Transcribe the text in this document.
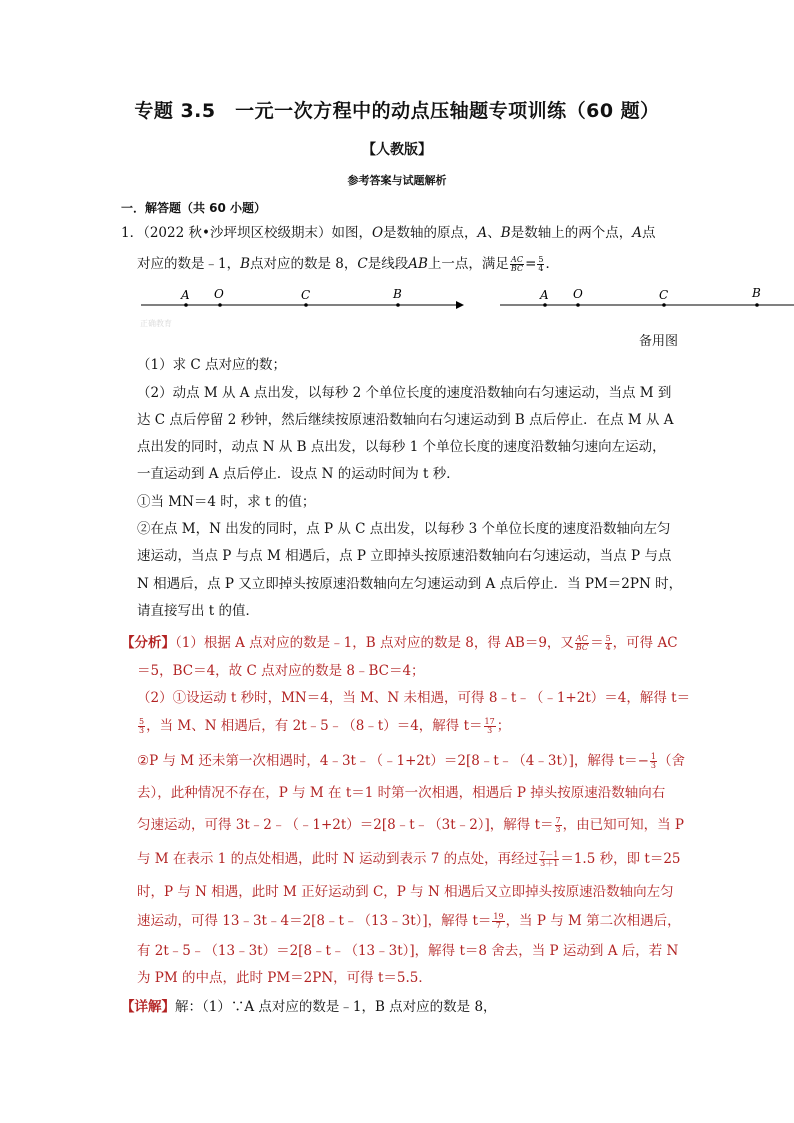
专题 3.5　一元一次方程中的动点压轴题专项训练（60 题）
【人教版】
参考答案与试题解析
一．解答题（共 60 小题）
1．（2022 秋•沙坪坝区校级期末）如图，O是数轴的原点，A、B是数轴上的两个点，A点
对应的数是﹣1，B点对应的数是 8，C是线段AB上一点，满足 $\frac{AC}{BC} = \frac{5}{4}$ ．
A O	C	B	A O	C	B
正确教育
备用图
（1）求 C 点对应的数；
（2）动点 M 从 A 点出发，以每秒 2 个单位长度的速度沿数轴向右匀速运动，当点 M 到
达 C 点后停留 2 秒钟，然后继续按原速沿数轴向右匀速运动到 B 点后停止．在点 M 从 A
点出发的同时，动点 N 从 B 点出发，以每秒 1 个单位长度的速度沿数轴匀速向左运动，
一直运动到 A 点后停止．设点 N 的运动时间为 t 秒．
①当 MN＝4 时，求 t 的值；
②在点 M，N 出发的同时，点 P 从 C 点出发，以每秒 3 个单位长度的速度沿数轴向左匀
速运动，当点 P 与点 M 相遇后，点 P 立即掉头按原速沿数轴向右匀速运动，当点 P 与点
N 相遇后，点 P 又立即掉头按原速沿数轴向左匀速运动到 A 点后停止．当 PM＝2PN 时，
请直接写出 t 的值．
【分析】（1）根据 A 点对应的数是﹣1，B 点对应的数是 8，得 AB＝9，又 $\frac{AC}{BC} = \frac{5}{4}$ ，可得 AC
＝5，BC＝4，故 C 点对应的数是 8﹣BC＝4；
（2）①设运动 t 秒时，MN＝4，当 M、N 未相遇，可得 8﹣t﹣（﹣1+2t）＝4，解得 t＝
$\frac{5}{3}$ ，当 M、N 相遇后，有 2t﹣5﹣（8﹣t）＝4，解得 $t= \frac{17}{3}$ ；
②P 与 M 还未第一次相遇时，4﹣3t﹣（﹣1+2t）＝2[8﹣t﹣（4﹣3t）]，解得 $t=- \frac{1}{3}$ （舍
去），此种情况不存在，P 与 M 在 t＝1 时第一次相遇，相遇后 P 掉头按原速沿数轴向右
匀速运动，可得 3t﹣2﹣（﹣1+2t）＝2[8﹣t﹣（3t﹣2）]，解得 $t= \frac{7}{3}$ ，由已知可知，当 P
与 M 在表示 1 的点处相遇，此时 N 运动到表示 7 的点处，再经过 $\frac{7-1}{3+1} =1.5$ 秒，即 t＝25
时，P 与 N 相遇，此时 M 正好运动到 C，P 与 N 相遇后又立即掉头按原速沿数轴向左匀
速运动，可得 13﹣3t﹣4＝2[8﹣t﹣（13﹣3t）]，解得 $t= \frac{19}{7}$ ，当 P 与 M 第二次相遇后，
有 2t﹣5﹣（13﹣3t）＝2[8﹣t﹣（13﹣3t）]，解得 t＝8 舍去，当 P 运动到 A 后，若 N
为 PM 的中点，此时 PM＝2PN，可得 t＝5.5．
【详解】解：（1）∵A 点对应的数是﹣1，B 点对应的数是 8，
